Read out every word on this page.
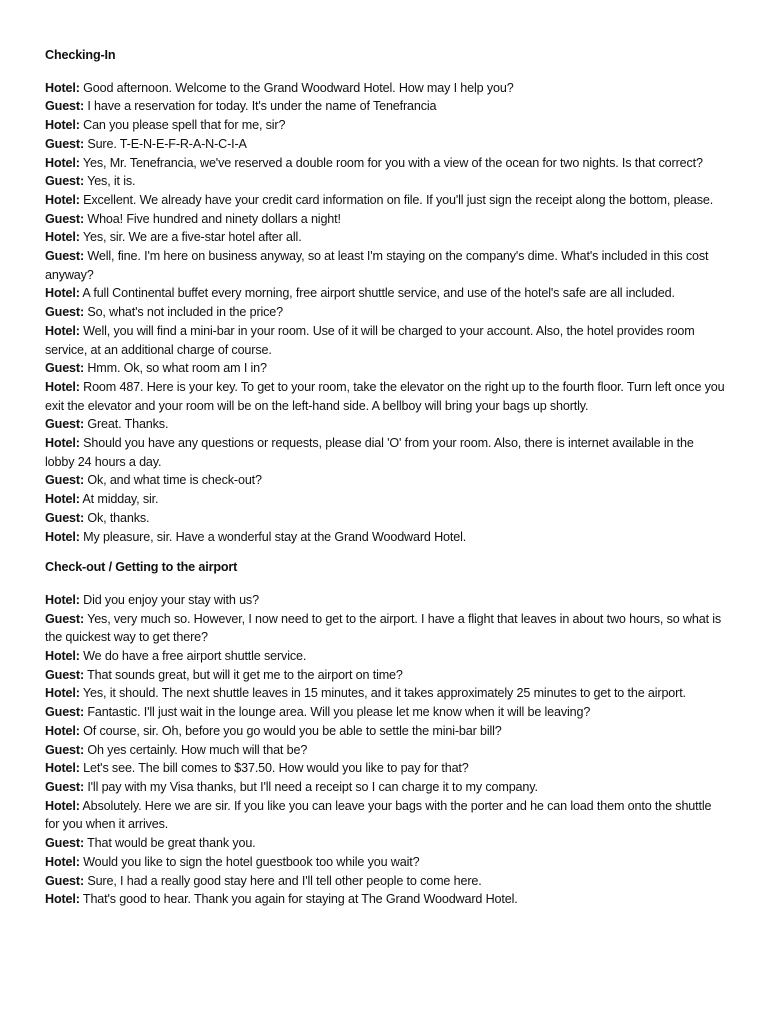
Checking-In

Hotel: Good afternoon. Welcome to the Grand Woodward Hotel. How may I help you?

Guest: I have a reservation for today. It's under the name of Tenefrancia

Hotel: Can you please spell that for me, sir?

Guest: Sure. T-E-N-E-F-R-A-N-C-I-A

Hotel: Yes, Mr. Tenefrancia, we've reserved a double room for you with a view of the ocean for two nights. Is that correct?

Guest: Yes, it is.

Hotel: Excellent. We already have your credit card information on file. If you'll just sign the receipt along the bottom, please.

Guest: Whoa! Five hundred and ninety dollars a night!

Hotel: Yes, sir. We are a five-star hotel after all.

Guest: Well, fine. I'm here on business anyway, so at least I'm staying on the company's dime. What's included in this cost anyway?

Hotel: A full Continental buffet every morning, free airport shuttle service, and use of the hotel's safe are all included.

Guest: So, what's not included in the price?

Hotel: Well, you will find a mini-bar in your room. Use of it will be charged to your account. Also, the hotel provides room service, at an additional charge of course.

Guest: Hmm. Ok, so what room am I in?

Hotel: Room 487. Here is your key. To get to your room, take the elevator on the right up to the fourth floor. Turn left once you exit the elevator and your room will be on the left-hand side. A bellboy will bring your bags up shortly.

Guest: Great. Thanks.

Hotel: Should you have any questions or requests, please dial 'O' from your room. Also, there is internet available in the lobby 24 hours a day.

Guest: Ok, and what time is check-out?

Hotel: At midday, sir.

Guest: Ok, thanks.

Hotel: My pleasure, sir. Have a wonderful stay at the Grand Woodward Hotel.

Check-out / Getting to the airport

Hotel: Did you enjoy your stay with us?

Guest: Yes, very much so. However, I now need to get to the airport. I have a flight that leaves in about two hours, so what is the quickest way to get there?

Hotel: We do have a free airport shuttle service.

Guest: That sounds great, but will it get me to the airport on time?

Hotel: Yes, it should. The next shuttle leaves in 15 minutes, and it takes approximately 25 minutes to get to the airport.

Guest: Fantastic. I'll just wait in the lounge area. Will you please let me know when it will be leaving?

Hotel: Of course, sir. Oh, before you go would you be able to settle the mini-bar bill?

Guest: Oh yes certainly. How much will that be?

Hotel: Let's see. The bill comes to $37.50. How would you like to pay for that?

Guest: I'll pay with my Visa thanks, but I'll need a receipt so I can charge it to my company.

Hotel: Absolutely. Here we are sir. If you like you can leave your bags with the porter and he can load them onto the shuttle for you when it arrives.

Guest: That would be great thank you.

Hotel: Would you like to sign the hotel guestbook too while you wait?

Guest: Sure, I had a really good stay here and I'll tell other people to come here.

Hotel: That's good to hear. Thank you again for staying at The Grand Woodward Hotel.
